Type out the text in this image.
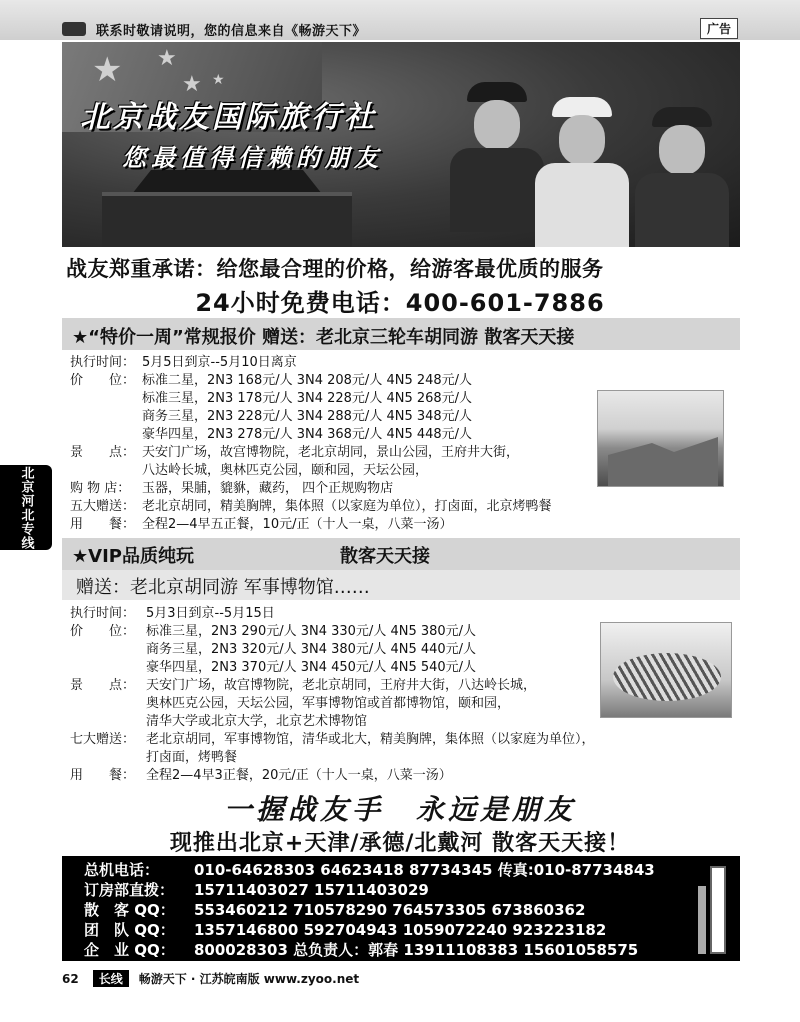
联系时敬请说明，您的信息来自《畅游天下》	广告
北京河北专线
★ ★
★ ★
北京战友国际旅行社
您最值得信赖的朋友
战友郑重承诺：给您最合理的价格，给游客最优质的服务
24小时免费电话：400-601-7886
★“特价一周”常规报价 赠送：老北京三轮车胡同游 散客天天接
执行时间： 5月5日到京--5月10日离京
价　　位： 标准二星，2N3 168元/人 3N4 208元/人 4N5 248元/人
标准三星，2N3 178元/人 3N4 228元/人 4N5 268元/人
商务三星，2N3 228元/人 3N4 288元/人 4N5 348元/人
豪华四星，2N3 278元/人 3N4 368元/人 4N5 448元/人
景　　点： 天安门广场，故宫博物院，老北京胡同，景山公园，王府井大街，
八达岭长城，奥林匹克公园，颐和园，天坛公园，
购 物 店： 玉器，果脯，貔貅，藏药， 四个正规购物店
五大赠送： 老北京胡同，精美胸牌，集体照（以家庭为单位），打卤面，北京烤鸭餐
用　　餐： 全程2—4早五正餐，10元/正（十人一桌，八菜一汤）
★VIP品质纯玩	散客天天接
赠送：老北京胡同游 军事博物馆……
执行时间： 5月3日到京--5月15日
价　　位： 标准三星，2N3 290元/人 3N4 330元/人 4N5 380元/人
商务三星，2N3 320元/人 3N4 380元/人 4N5 440元/人
豪华四星，2N3 370元/人 3N4 450元/人 4N5 540元/人
景　　点： 天安门广场，故宫博物院，老北京胡同，王府井大街，八达岭长城，
奥林匹克公园，天坛公园，军事博物馆或首都博物馆，颐和园，
清华大学或北京大学，北京艺术博物馆
七大赠送： 老北京胡同，军事博物馆，清华或北大，精美胸牌，集体照（以家庭为单位），
打卤面，烤鸭餐
用　　餐： 全程2—4早3正餐，20元/正（十人一桌，八菜一汤）
一握战友手　永远是朋友
现推出北京+天津/承德/北戴河 散客天天接！
总机电话：	010-64628303 64623418 87734345 传真:010-87734843
订房部直拨：	15711403027 15711403029
散　客 QQ：	553460212 710578290 764573305 673860362
团　队 QQ：	1357146800 592704943 1059072240 923223182
企　业 QQ：	800028303 总负责人：郭春 13911108383 15601058575
62	长线	畅游天下 · 江苏皖南版 www.zyoo.net
